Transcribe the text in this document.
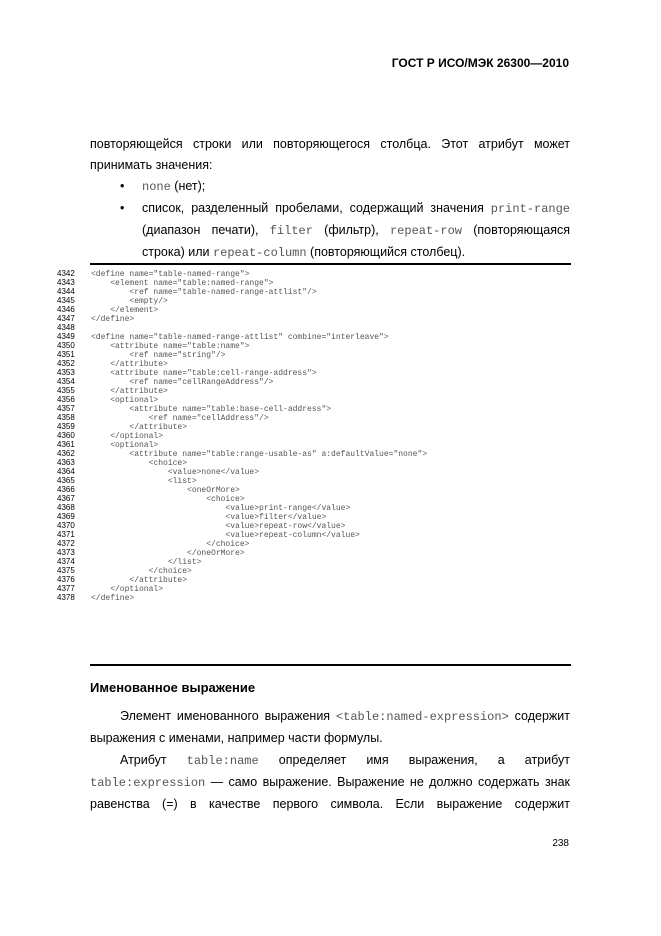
ГОСТ Р ИСО/МЭК 26300—2010
повторяющейся строки или повторяющегося столбца. Этот атрибут может
принимать значения:
• none (нет);
• список, разделенный пробелами, содержащий значения print-range
(диапазон печати), filter (фильтр), repeat-row (повторяющаяся
строка) или repeat-column (повторяющийся столбец).
4342 <define name="table-named-range">
4343    <element name="table:named-range">
4344        <ref name="table-named-range-attlist"/>
4345        <empty/>
4346    </element>
4347 </define>
4348
4349 <define name="table-named-range-attlist" combine="interleave">
4350    <attribute name="table:name">
4351        <ref name="string"/>
4352    </attribute>
4353    <attribute name="table:cell-range-address">
4354        <ref name="cellRangeAddress"/>
4355    </attribute>
4356    <optional>
4357        <attribute name="table:base-cell-address">
4358            <ref name="cellAddress"/>
4359        </attribute>
4360    </optional>
4361    <optional>
4362        <attribute name="table:range-usable-as" a:defaultValue="none">
4363            <choice>
4364                <value>none</value>
4365                <list>
4366                    <oneOrMore>
4367                        <choice>
4368                            <value>print-range</value>
4369                            <value>filter</value>
4370                            <value>repeat-row</value>
4371                            <value>repeat-column</value>
4372                        </choice>
4373                    </oneOrMore>
4374                </list>
4375            </choice>
4376        </attribute>
4377    </optional>
4378 </define>
Именованное выражение
Элемент именованного выражения <table:named-expression> содержит
выражения с именами, например части формулы.
Атрибут table:name определяет имя выражения, а атрибут
table:expression — само выражение. Выражение не должно содержать знак
равенства (=) в качестве первого символа. Если выражение содержит
238
